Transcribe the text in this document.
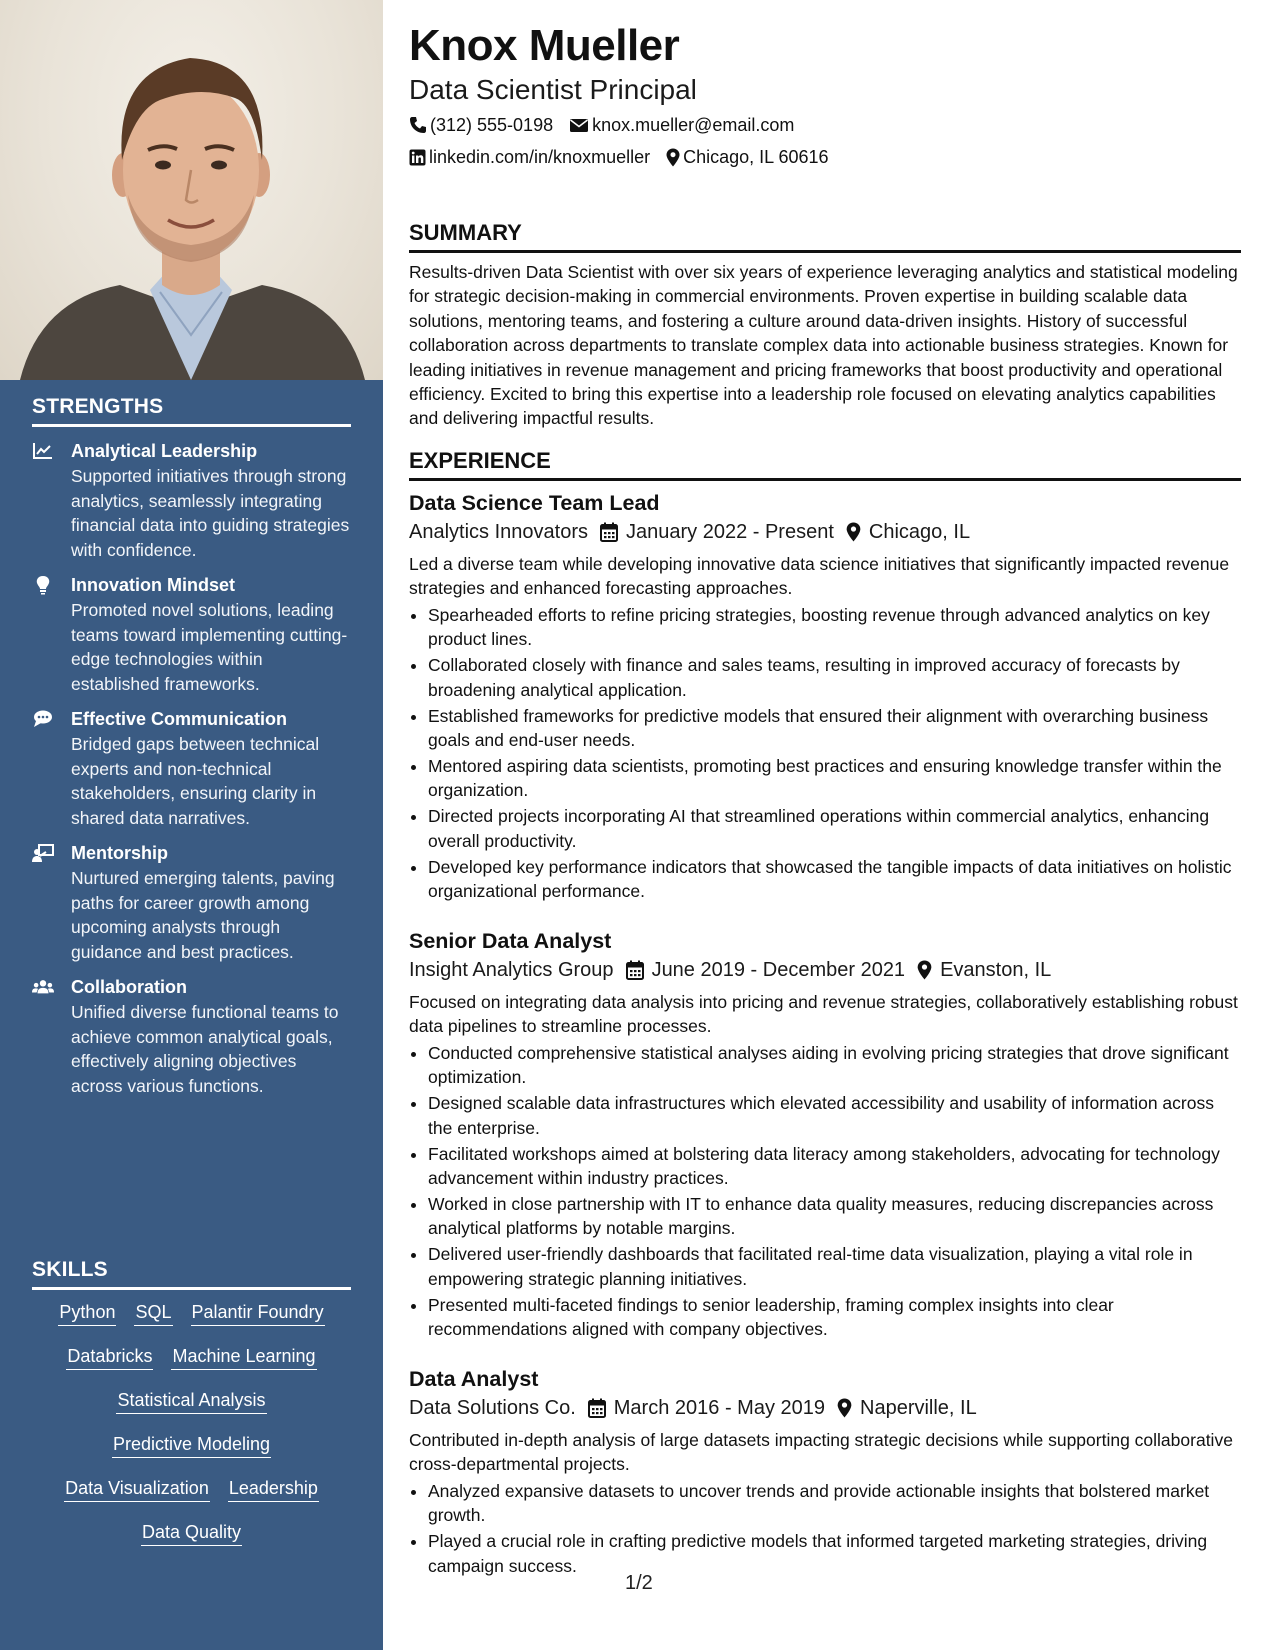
STRENGTHS
Analytical Leadership
Supported initiatives through strong analytics, seamlessly integrating financial data into guiding strategies with confidence.
Innovation Mindset
Promoted novel solutions, leading teams toward implementing cutting-edge technologies within established frameworks.
Effective Communication
Bridged gaps between technical experts and non-technical stakeholders, ensuring clarity in shared data narratives.
Mentorship
Nurtured emerging talents, paving paths for career growth among upcoming analysts through guidance and best practices.
Collaboration
Unified diverse functional teams to achieve common analytical goals, effectively aligning objectives across various functions.
SKILLS
Python SQL Palantir Foundry
Databricks Machine Learning
Statistical Analysis
Predictive Modeling
Data Visualization Leadership
Data Quality
Knox Mueller
Data Scientist Principal
(312) 555-0198 knox.mueller@email.com
linkedin.com/in/knoxmueller Chicago, IL 60616
SUMMARY

Results-driven Data Scientist with over six years of experience leveraging analytics and statistical modeling for strategic decision-making in commercial environments. Proven expertise in building scalable data solutions, mentoring teams, and fostering a culture around data-driven insights. History of successful collaboration across departments to translate complex data into actionable business strategies. Known for leading initiatives in revenue management and pricing frameworks that boost productivity and operational efficiency. Excited to bring this expertise into a leadership role focused on elevating analytics capabilities and delivering impactful results.

EXPERIENCE
Data Science Team Lead
Analytics Innovators January 2022 - Present Chicago, IL
Led a diverse team while developing innovative data science initiatives that significantly impacted revenue strategies and enhanced forecasting approaches.
• Spearheaded efforts to refine pricing strategies, boosting revenue through advanced analytics on key product lines.
• Collaborated closely with finance and sales teams, resulting in improved accuracy of forecasts by broadening analytical application.
• Established frameworks for predictive models that ensured their alignment with overarching business goals and end-user needs.
• Mentored aspiring data scientists, promoting best practices and ensuring knowledge transfer within the organization.
• Directed projects incorporating AI that streamlined operations within commercial analytics, enhancing overall productivity.
• Developed key performance indicators that showcased the tangible impacts of data initiatives on holistic organizational performance.
Senior Data Analyst
Insight Analytics Group June 2019 - December 2021 Evanston, IL
Focused on integrating data analysis into pricing and revenue strategies, collaboratively establishing robust data pipelines to streamline processes.
• Conducted comprehensive statistical analyses aiding in evolving pricing strategies that drove significant optimization.
• Designed scalable data infrastructures which elevated accessibility and usability of information across the enterprise.
• Facilitated workshops aimed at bolstering data literacy among stakeholders, advocating for technology advancement within industry practices.
• Worked in close partnership with IT to enhance data quality measures, reducing discrepancies across analytical platforms by notable margins.
• Delivered user-friendly dashboards that facilitated real-time data visualization, playing a vital role in empowering strategic planning initiatives.
• Presented multi-faceted findings to senior leadership, framing complex insights into clear recommendations aligned with company objectives.
Data Analyst
Data Solutions Co. March 2016 - May 2019 Naperville, IL
Contributed in-depth analysis of large datasets impacting strategic decisions while supporting collaborative cross-departmental projects.
• Analyzed expansive datasets to uncover trends and provide actionable insights that bolstered market growth.
• Played a crucial role in crafting predictive models that informed targeted marketing strategies, driving campaign success.
1/2
